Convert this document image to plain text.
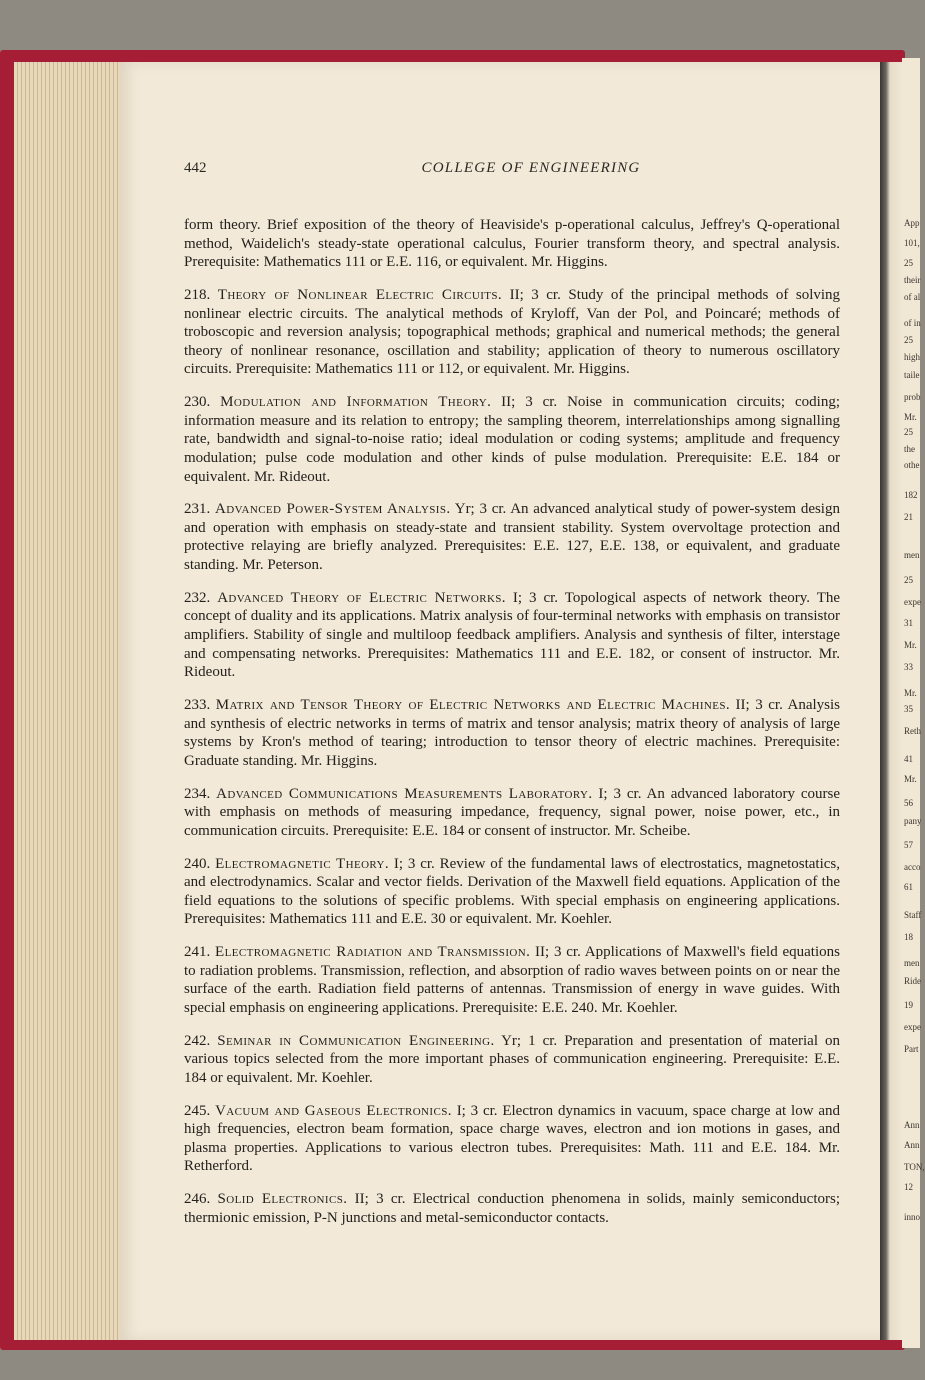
App
101,
25
their
of al
of in
25
high
taile
prob
Mr.
25
the
othe
182
21
men
25
expe
31
Mr.
33
Mr.
35
Reth
41
Mr.
56
pany
57
acco
61
Staff
18
men
Ride
19
expe
Part
Ann
Ann
TON,
12
inno
442	COLLEGE OF ENGINEERING

form theory. Brief exposition of the theory of Heaviside's p-operational calculus, Jeffrey's Q-operational method, Waidelich's steady-state operational calculus, Fourier transform theory, and spectral analysis. Prerequisite: Mathematics 111 or E.E. 116, or equivalent. Mr. Higgins.

218. Theory of Nonlinear Electric Circuits. II; 3 cr. Study of the principal methods of solving nonlinear electric circuits. The analytical methods of Kryloff, Van der Pol, and Poincaré; methods of troboscopic and reversion analysis; topographical methods; graphical and numerical methods; the general theory of nonlinear resonance, oscillation and stability; application of theory to numerous oscillatory circuits. Prerequisite: Mathematics 111 or 112, or equivalent. Mr. Higgins.

230. Modulation and Information Theory. II; 3 cr. Noise in communication circuits; coding; information measure and its relation to entropy; the sampling theorem, interrelationships among signalling rate, bandwidth and signal-to-noise ratio; ideal modulation or coding systems; amplitude and frequency modulation; pulse code modulation and other kinds of pulse modulation. Prerequisite: E.E. 184 or equivalent. Mr. Rideout.

231. Advanced Power-System Analysis. Yr; 3 cr. An advanced analytical study of power-system design and operation with emphasis on steady-state and transient stability. System overvoltage protection and protective relaying are briefly analyzed. Prerequisites: E.E. 127, E.E. 138, or equivalent, and graduate standing. Mr. Peterson.

232. Advanced Theory of Electric Networks. I; 3 cr. Topological aspects of network theory. The concept of duality and its applications. Matrix analysis of four-terminal networks with emphasis on transistor amplifiers. Stability of single and multiloop feedback amplifiers. Analysis and synthesis of filter, interstage and compensating networks. Prerequisites: Mathematics 111 and E.E. 182, or consent of instructor. Mr. Rideout.

233. Matrix and Tensor Theory of Electric Networks and Electric Machines. II; 3 cr. Analysis and synthesis of electric networks in terms of matrix and tensor analysis; matrix theory of analysis of large systems by Kron's method of tearing; introduction to tensor theory of electric machines. Prerequisite: Graduate standing. Mr. Higgins.

234. Advanced Communications Measurements Laboratory. I; 3 cr. An advanced laboratory course with emphasis on methods of measuring impedance, frequency, signal power, noise power, etc., in communication circuits. Prerequisite: E.E. 184 or consent of instructor. Mr. Scheibe.

240. Electromagnetic Theory. I; 3 cr. Review of the fundamental laws of electrostatics, magnetostatics, and electrodynamics. Scalar and vector fields. Derivation of the Maxwell field equations. Application of the field equations to the solutions of specific problems. With special emphasis on engineering applications. Prerequisites: Mathematics 111 and E.E. 30 or equivalent. Mr. Koehler.

241. Electromagnetic Radiation and Transmission. II; 3 cr. Applications of Maxwell's field equations to radiation problems. Transmission, reflection, and absorption of radio waves between points on or near the surface of the earth. Radiation field patterns of antennas. Transmission of energy in wave guides. With special emphasis on engineering applications. Prerequisite: E.E. 240. Mr. Koehler.

242. Seminar in Communication Engineering. Yr; 1 cr. Preparation and presentation of material on various topics selected from the more important phases of communication engineering. Prerequisite: E.E. 184 or equivalent. Mr. Koehler.

245. Vacuum and Gaseous Electronics. I; 3 cr. Electron dynamics in vacuum, space charge at low and high frequencies, electron beam formation, space charge waves, electron and ion motions in gases, and plasma properties. Applications to various electron tubes. Prerequisites: Math. 111 and E.E. 184. Mr. Retherford.

246. Solid Electronics. II; 3 cr. Electrical conduction phenomena in solids, mainly semiconductors; thermionic emission, P-N junctions and metal-semiconductor contacts.
